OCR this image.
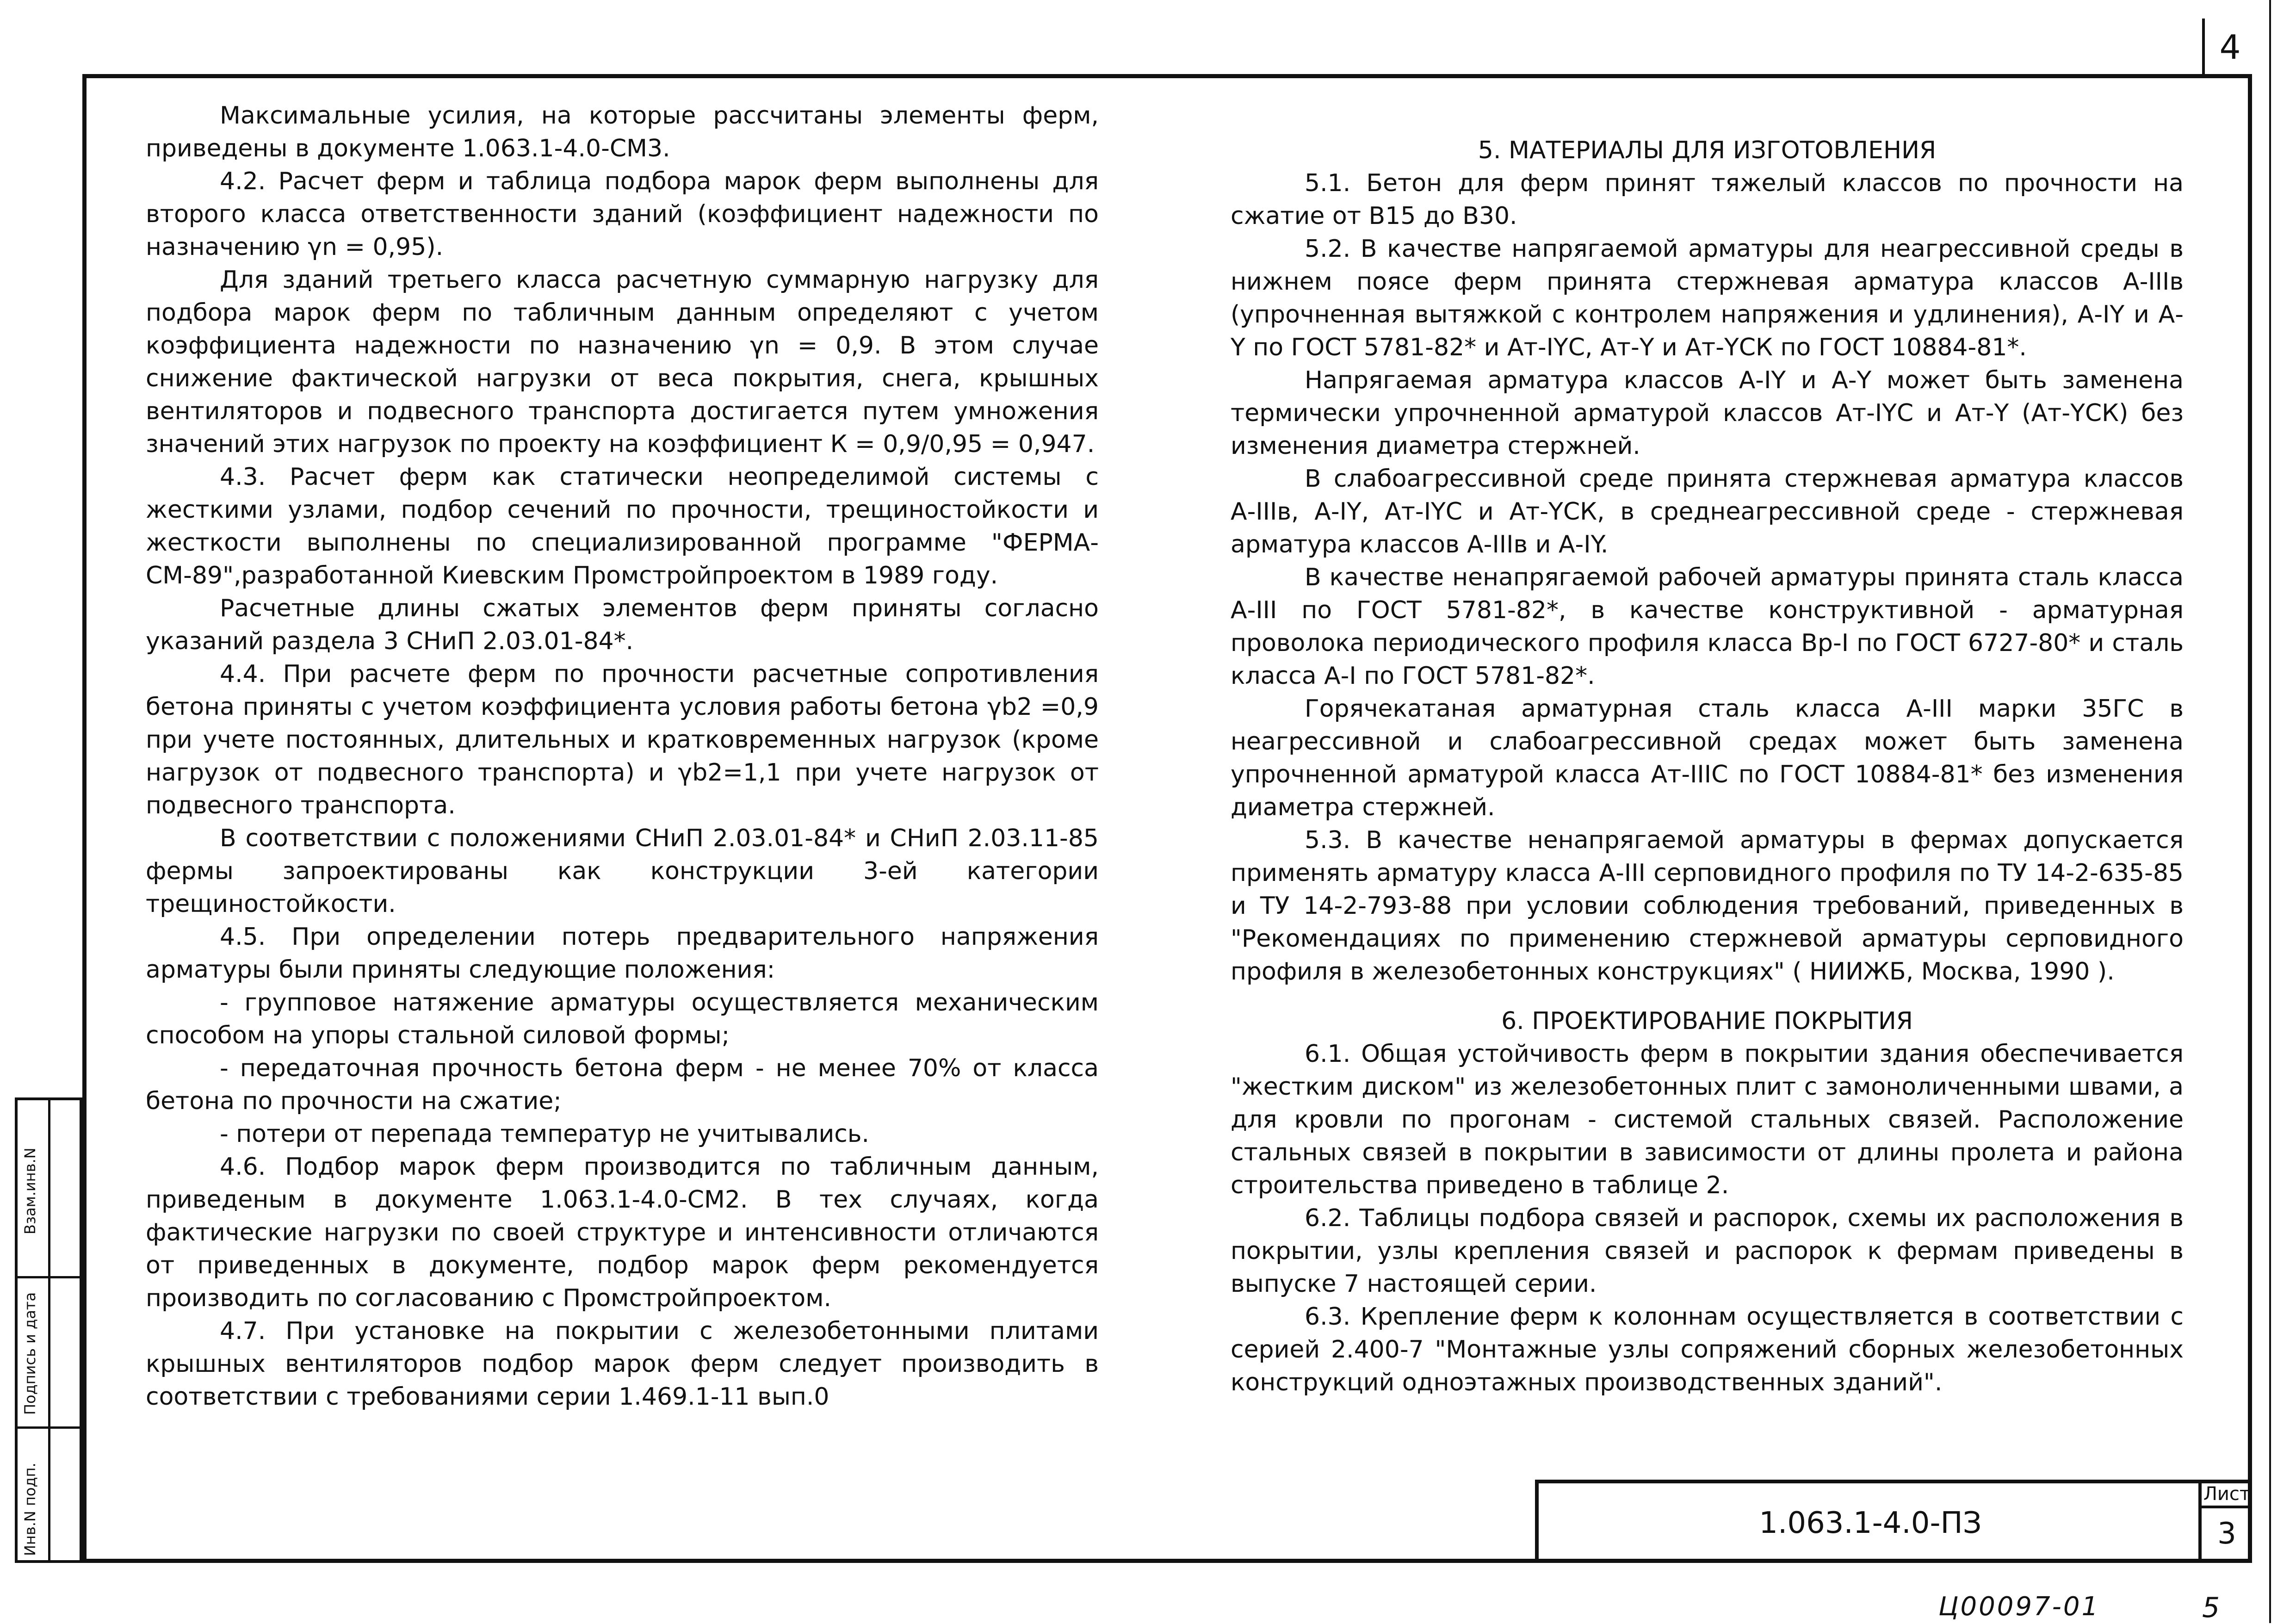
4
Взам.инв.N
Подпись и дата
Инв.N подп.

Максимальные усилия, на которые рассчитаны элементы ферм, приведены в документе 1.063.1-4.0-СМ3.

4.2. Расчет ферм и таблица подбора марок ферм выполнены для второго класса ответственности зданий (коэффициент надежности по назначению γn = 0,95).

Для зданий третьего класса расчетную суммарную нагрузку для подбора марок ферм по табличным данным определяют с учетом коэффициента надежности по назначению γn = 0,9. В этом случае снижение фактической нагрузки от веса покрытия, снега, крышных вентиляторов и подвесного транспорта достигается путем умножения значений этих нагрузок по проекту на коэффициент К = 0,9/0,95 = 0,947.

4.3. Расчет ферм как статически неопределимой системы с жесткими узлами, подбор сечений по прочности, трещиностойкости и жесткости выполнены по специализированной программе "ФЕРМА-СМ-89",разработанной Киевским Промстройпроектом в 1989 году.

Расчетные длины сжатых элементов ферм приняты согласно указаний раздела 3 СНиП 2.03.01-84*.

4.4. При расчете ферм по прочности расчетные сопротивления бетона приняты с учетом коэффициента условия работы бетона γb2 =0,9 при учете постоянных, длительных и кратковременных нагрузок (кроме нагрузок от подвесного транспорта) и γb2=1,1 при учете нагрузок от подвесного транспорта.

В соответствии с положениями СНиП 2.03.01-84* и СНиП 2.03.11-85 фермы запроектированы как конструкции 3-ей категории трещиностойкости.

4.5. При определении потерь предварительного напряжения арматуры были приняты следующие положения:

- групповое натяжение арматуры осуществляется механическим способом на упоры стальной силовой формы;

- передаточная прочность бетона ферм - не менее 70% от класса бетона по прочности на сжатие;

- потери от перепада температур не учитывались.

4.6. Подбор марок ферм производится по табличным данным, приведеным в документе 1.063.1-4.0-СМ2. В тех случаях, когда фактические нагрузки по своей структуре и интенсивности отличаются от приведенных в документе, подбор марок ферм рекомендуется производить по согласованию с Промстройпроектом.

4.7. При установке на покрытии с железобетонными плитами крышных вентиляторов подбор марок ферм следует производить в соответствии с требованиями серии 1.469.1-11 вып.0

5. МАТЕРИАЛЫ ДЛЯ ИЗГОТОВЛЕНИЯ

5.1. Бетон для ферм принят тяжелый классов по прочности на сжатие от В15 до В30.

5.2. В качестве напрягаемой арматуры для неагрессивной среды в нижнем поясе ферм принята стержневая арматура классов А-IIIв (упрочненная вытяжкой с контролем напряжения и удлинения), А-IY и А-Y по ГОСТ 5781-82* и Ат-IYС, Ат-Y и Ат-YСК по ГОСТ 10884-81*.

Напрягаемая арматура классов А-IY и А-Y может быть заменена термически упрочненной арматурой классов Ат-IYС и Ат-Y (Ат-YСК) без изменения диаметра стержней.

В слабоагрессивной среде принята стержневая арматура классов А-IIIв, А-IY, Ат-IYС и Ат-YСК, в среднеагрессивной среде - стержневая арматура классов А-IIIв и А-IY.

В качестве ненапрягаемой рабочей арматуры принята сталь класса А-III по ГОСТ 5781-82*, в качестве конструктивной - арматурная проволока периодического профиля класса Вр-I по ГОСТ 6727-80* и сталь класса А-I по ГОСТ 5781-82*.

Горячекатаная арматурная сталь класса А-III марки 35ГС в неагрессивной и слабоагрессивной средах может быть заменена упрочненной арматурой класса Ат-IIIС по ГОСТ 10884-81* без изменения диаметра стержней.

5.3. В качестве ненапрягаемой арматуры в фермах допускается применять арматуру класса А-III серповидного профиля по ТУ 14-2-635-85 и ТУ 14-2-793-88 при условии соблюдения требований, приведенных в "Рекомендациях по применению стержневой арматуры серповидного профиля в железобетонных конструкциях" ( НИИЖБ, Москва, 1990 ).

6. ПРОЕКТИРОВАНИЕ ПОКРЫТИЯ

6.1. Общая устойчивость ферм в покрытии здания обеспечивается "жестким диском" из железобетонных плит с замоноличенными швами, а для кровли по прогонам - системой стальных связей. Расположение стальных связей в покрытии в зависимости от длины пролета и района строительства приведено в таблице 2.

6.2. Таблицы подбора связей и распорок, схемы их расположения в покрытии, узлы крепления связей и распорок к фермам приведены в выпуске 7 настоящей серии.

6.3. Крепление ферм к колоннам осуществляется в соответствии с серией 2.400-7 "Монтажные узлы сопряжений сборных железобетонных конструкций одноэтажных производственных зданий".

1.063.1-4.0-ПЗ
Лист
3
Ц00097-01	5
